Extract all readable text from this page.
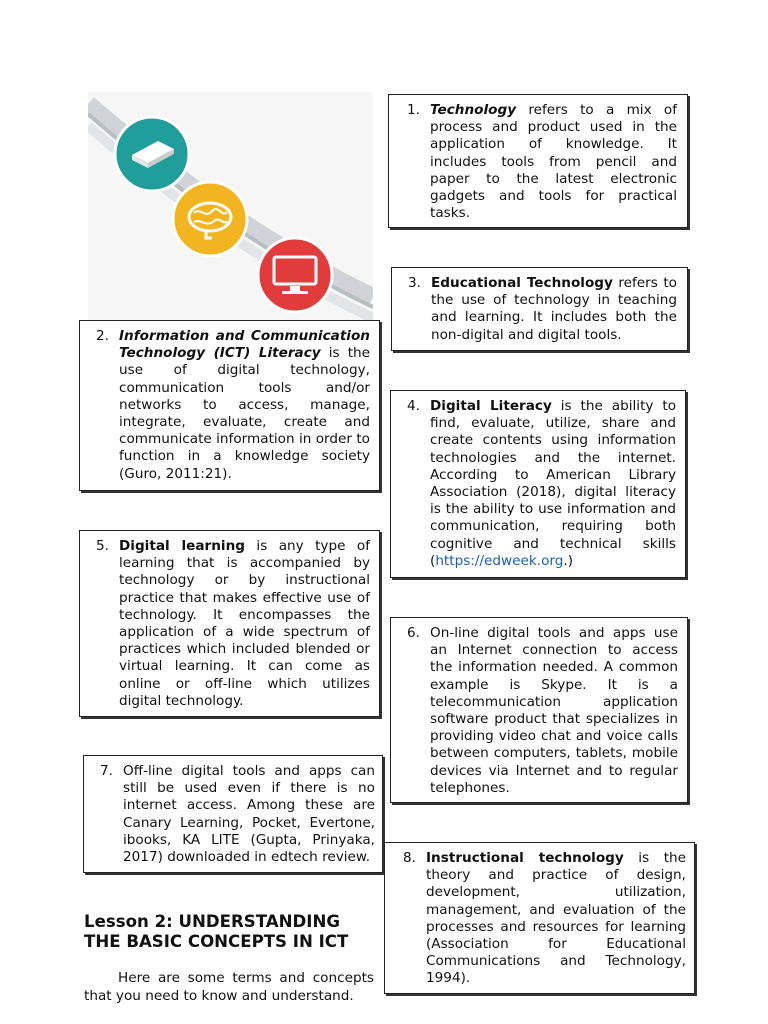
1. Technology refers to a mix of process and product used in the application of knowledge. It includes tools from pencil and paper to the latest electronic gadgets and tools for practical tasks.

2. Information and Communication Technology (ICT) Literacy is the use of digital technology, communication tools and/or networks to access, manage, integrate, evaluate, create and communicate information in order to function in a knowledge society (Guro, 2011:21).

3. Educational Technology refers to the use of technology in teaching and learning. It includes both the non-digital and digital tools.

4. Digital Literacy is the ability to find, evaluate, utilize, share and create contents using information technologies and the internet. According to American Library Association (2018), digital literacy is the ability to use information and communication, requiring both cognitive and technical skills (https://edweek.org.)

5. Digital learning is any type of learning that is accompanied by technology or by instructional practice that makes effective use of technology. It encompasses the application of a wide spectrum of practices which included blended or virtual learning. It can come as online or off-line which utilizes digital technology.

6. On-line digital tools and apps use an Internet connection to access the information needed. A common example is Skype. It is a telecommunication application software product that specializes in providing video chat and voice calls between computers, tablets, mobile devices via Internet and to regular telephones.

7. Off-line digital tools and apps can still be used even if there is no internet access. Among these are Canary Learning, Pocket, Evertone, ibooks, KA LITE (Gupta, Prinyaka, 2017) downloaded in edtech review.	8. Instructional technology is the theory and practice of design, development, utilization, management, and evaluation of the processes and resources for learning (Association for Educational Communications and Technology, 1994).

Lesson 2: UNDERSTANDING
THE BASIC CONCEPTS IN ICT
Here are some terms and concepts that you need to know and understand.
